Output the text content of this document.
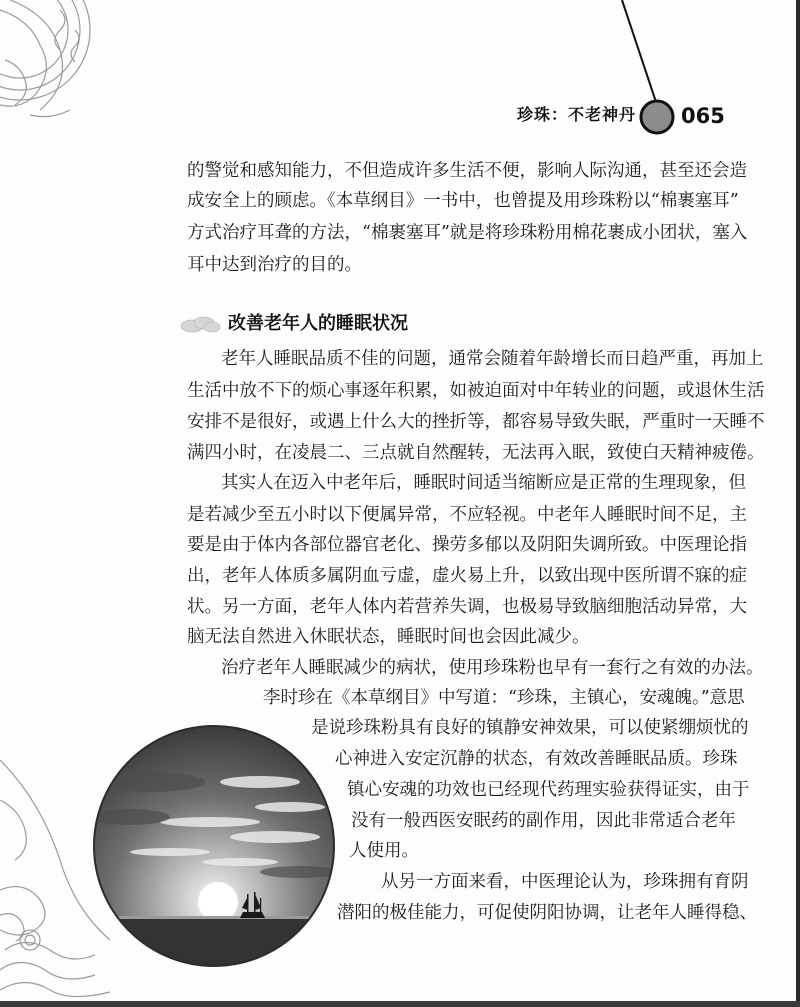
珍珠：不老神丹	065
的警觉和感知能力，不但造成许多生活不便，影响人际沟通，甚至还会造
成安全上的顾虑。《本草纲目》一书中，也曾提及用珍珠粉以“棉裹塞耳”
方式治疗耳聋的方法，“棉裹塞耳”就是将珍珠粉用棉花裹成小团状，塞入
耳中达到治疗的目的。
改善老年人的睡眠状况
老年人睡眠品质不佳的问题，通常会随着年龄增长而日趋严重，再加上
生活中放不下的烦心事逐年积累，如被迫面对中年转业的问题，或退休生活
安排不是很好，或遇上什么大的挫折等，都容易导致失眠，严重时一天睡不
满四小时，在凌晨二、三点就自然醒转，无法再入眠，致使白天精神疲倦。
其实人在迈入中老年后，睡眠时间适当缩断应是正常的生理现象，但
是若减少至五小时以下便属异常，不应轻视。中老年人睡眠时间不足，主
要是由于体内各部位器官老化、操劳多郁以及阴阳失调所致。中医理论指
出，老年人体质多属阴血亏虚，虚火易上升，以致出现中医所谓不寐的症
状。另一方面，老年人体内若营养失调，也极易导致脑细胞活动异常，大
脑无法自然进入休眠状态，睡眠时间也会因此减少。
治疗老年人睡眠减少的病状，使用珍珠粉也早有一套行之有效的办法。
李时珍在《本草纲目》中写道：“珍珠，主镇心，安魂魄。”意思
是说珍珠粉具有良好的镇静安神效果，可以使紧绷烦忧的
心神进入安定沉静的状态，有效改善睡眠品质。珍珠
镇心安魂的功效也已经现代药理实验获得证实，由于
没有一般西医安眠药的副作用，因此非常适合老年
人使用。
从另一方面来看，中医理论认为，珍珠拥有育阴
潜阳的极佳能力，可促使阴阳协调，让老年人睡得稳、
